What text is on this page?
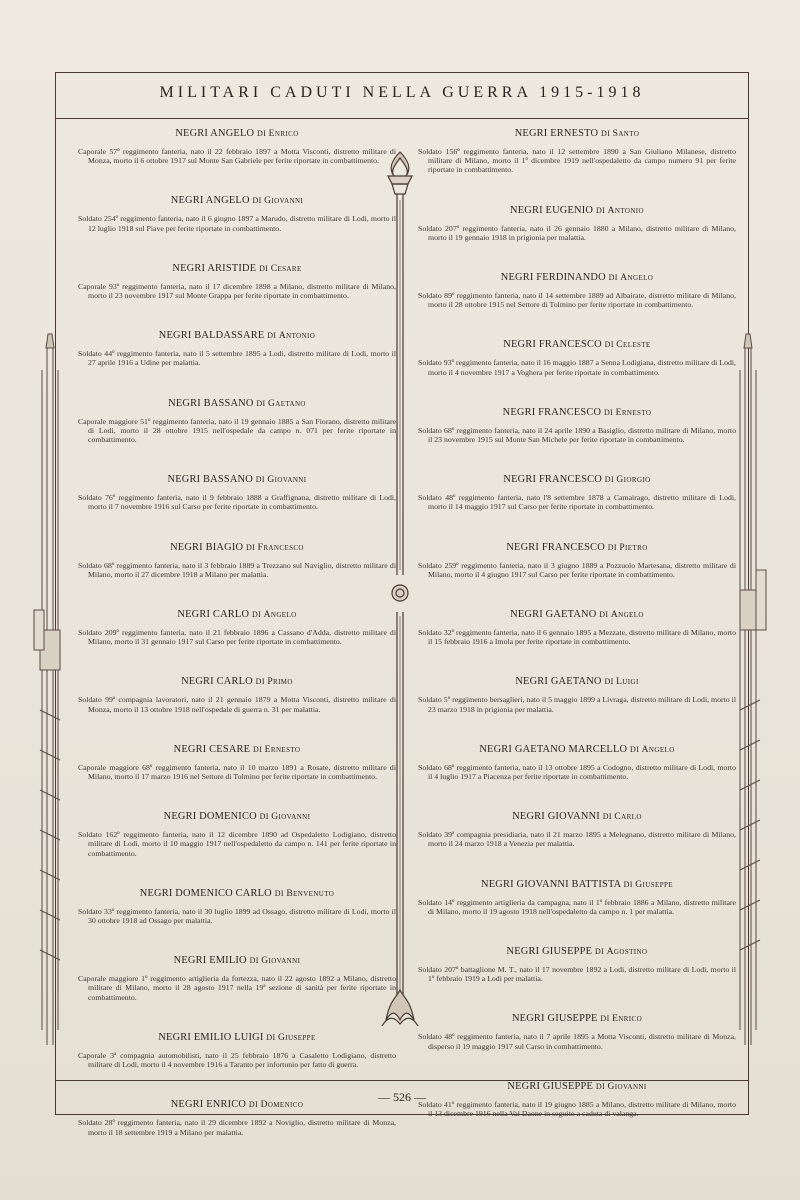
MILITARI CADUTI NELLA GUERRA 1915-1918
NEGRI ANGELO DI Enrico
Caporale 57º reggimento fanteria, nato il 22 febbraio 1897 a Motta Visconti, distretto militare di Monza, morto il 6 ottobre 1917 sul Monte San Gabriele per ferite riportate in combattimento.
NEGRI ANGELO DI Giovanni
Soldato 254º reggimento fanteria, nato il 6 giugno 1897 a Marudo, distretto militare di Lodi, morto il 12 luglio 1918 sul Piave per ferite riportate in combattimento.
NEGRI ARISTIDE DI Cesare
Caporale 93º reggimento fanteria, nato il 17 dicembre 1898 a Milano, distretto militare di Milano, morto il 23 novembre 1917 sul Monte Grappa per ferite riportate in combattimento.
NEGRI BALDASSARE DI Antonio
Soldato 44º reggimento fanteria, nato il 5 settembre 1895 a Lodi, distretto militare di Lodi, morto il 27 aprile 1916 a Udine per malattia.
NEGRI BASSANO DI Gaetano
Caporale maggiore 51º reggimento fanteria, nato il 19 gennaio 1885 a San Fiorano, distretto militare di Lodi, morto il 28 ottobre 1915 nell'ospedale da campo n. 071 per ferite riportate in combattimento.
NEGRI BASSANO DI Giovanni
Soldato 76º reggimento fanteria, nato il 9 febbraio 1888 a Graffignana, distretto militare di Lodi, morto il 7 novembre 1916 sul Carso per ferite riportate in combattimento.
NEGRI BIAGIO DI Francesco
Soldato 68º reggimento fanteria, nato il 3 febbraio 1889 a Trezzano sul Naviglio, distretto militare di Milano, morto il 27 dicembre 1918 a Milano per malattia.
NEGRI CARLO DI Angelo
Soldato 209º reggimento fanteria, nato il 21 febbraio 1896 a Cassano d'Adda, distretto militare di Milano, morto il 31 gennaio 1917 sul Carso per ferite riportate in combattimento.
NEGRI CARLO DI Primo
Soldato 99ª compagnia lavoratori, nato il 21 gennaio 1879 a Motta Visconti, distretto militare di Monza, morto il 13 ottobre 1918 nell'ospedale di guerra n. 31 per malattia.
NEGRI CESARE DI Ernesto
Caporale maggiore 68º reggimento fanteria, nato il 10 marzo 1891 a Rosate, distretto militare di Milano, morto il 17 marzo 1916 nel Settore di Tolmino per ferite riportate in combattimento.
NEGRI DOMENICO DI Giovanni
Soldato 162º reggimento fanteria, nato il 12 dicembre 1890 ad Ospedaletto Lodigiano, distretto militare di Lodi, morto il 10 maggio 1917 nell'ospedaletto da campo n. 141 per ferite riportate in combattimento.
NEGRI DOMENICO CARLO DI Benvenuto
Soldato 33º reggimento fanteria, nato il 30 luglio 1899 ad Ossago, distretto militare di Lodi, morto il 30 ottobre 1918 ad Ossago per malattia.
NEGRI EMILIO DI Giovanni
Caporale maggiore 1º reggimento artiglieria da fortezza, nato il 22 agosto 1892 a Milano, distretto militare di Milano, morto il 28 agosto 1917 nella 19ª sezione di sanità per ferite riportate in combattimento.
NEGRI EMILIO LUIGI DI Giuseppe
Caporale 3ª compagnia automobilisti, nato il 25 febbraio 1876 a Casaletto Lodigiano, distretto militare di Lodi, morto il 4 novembre 1916 a Taranto per infortunio per fatto di guerra.
NEGRI ENRICO DI Domenico
Soldato 28º reggimento fanteria, nato il 29 dicembre 1892 a Noviglio, distretto militare di Monza, morto il 18 settembre 1919 a Milano per malattia.
NEGRI ERNESTO DI Santo
Soldato 156º reggimento fanteria, nato il 12 settembre 1890 a San Giuliano Milanese, distretto militare di Milano, morto il 1º dicembre 1919 nell'ospedaletto da campo numero 91 per ferite riportate in combattimento.
NEGRI EUGENIO DI Antonio
Soldato 207º reggimento fanteria, nato il 26 gennaio 1880 a Milano, distretto militare di Milano, morto il 19 gennaio 1918 in prigionia per malattia.
NEGRI FERDINANDO DI Angelo
Soldato 89º reggimento fanteria, nato il 14 settembre 1889 ad Albairate, distretto militare di Milano, morto il 28 ottobre 1915 nel Settore di Tolmino per ferite riportate in combattimento.
NEGRI FRANCESCO DI Celeste
Soldato 93º reggimento fanteria, nato il 16 maggio 1887 a Senna Lodigiana, distretto militare di Lodi, morto il 4 novembre 1917 a Voghera per ferite riportate in combattimento.
NEGRI FRANCESCO DI Ernesto
Soldato 68º reggimento fanteria, nato il 24 aprile 1890 a Basiglio, distretto militare di Milano, morto il 23 novembre 1915 sul Monte San Michele per ferite riportate in combattimento.
NEGRI FRANCESCO DI Giorgio
Soldato 48º reggimento fanteria, nato l'8 settembre 1878 a Camairago, distretto militare di Lodi, morto il 14 maggio 1917 sul Carso per ferite riportate in combattimento.
NEGRI FRANCESCO DI Pietro
Soldato 259º reggimento fanteria, nato il 3 giugno 1889 a Pozzuolo Martesana, distretto militare di Milano, morto il 4 giugno 1917 sul Carso per ferite riportate in combattimento.
NEGRI GAETANO DI Angelo
Soldato 32º reggimento fanteria, nato il 6 gennaio 1895 a Mezzate, distretto militare di Milano, morto il 15 febbraio 1916 a Imola per ferite riportate in combattimento.
NEGRI GAETANO DI Luigi
Soldato 5º reggimento bersaglieri, nato il 5 maggio 1899 a Livraga, distretto militare di Lodi, morto il 23 marzo 1918 in prigionia per malattia.
NEGRI GAETANO MARCELLO DI Angelo
Soldato 68º reggimento fanteria, nato il 13 ottobre 1895 a Codogno, distretto militare di Lodi, morto il 4 luglio 1917 a Piacenza per ferite riportate in combattimento.
NEGRI GIOVANNI DI Carlo
Soldato 39ª compagnia presidiaria, nato il 21 marzo 1895 a Melegnano, distretto militare di Milano, morto il 24 marzo 1918 a Venezia per malattia.
NEGRI GIOVANNI BATTISTA DI Giuseppe
Soldato 14º reggimento artiglieria da campagna, nato il 1º febbraio 1886 a Milano, distretto militare di Milano, morto il 19 agosto 1918 nell'ospedaletto da campo n. 1 per malattia.
NEGRI GIUSEPPE DI Agostino
Soldato 207º battaglione M. T., nato il 17 novembre 1892 a Lodi, distretto militare di Lodi, morto il 1º febbraio 1919 a Lodi per malattia.
NEGRI GIUSEPPE DI Enrico
Soldato 48º reggimento fanteria, nato il 7 aprile 1895 a Motta Visconti, distretto militare di Monza, disperso il 19 maggio 1917 sul Carso in combattimento.
NEGRI GIUSEPPE DI Giovanni
Soldato 41º reggimento fanteria, nato il 19 giugno 1885 a Milano, distretto militare di Milano, morto il 13 dicembre 1916 nella Val Daone in seguito a caduta di valanga.
— 526 —
